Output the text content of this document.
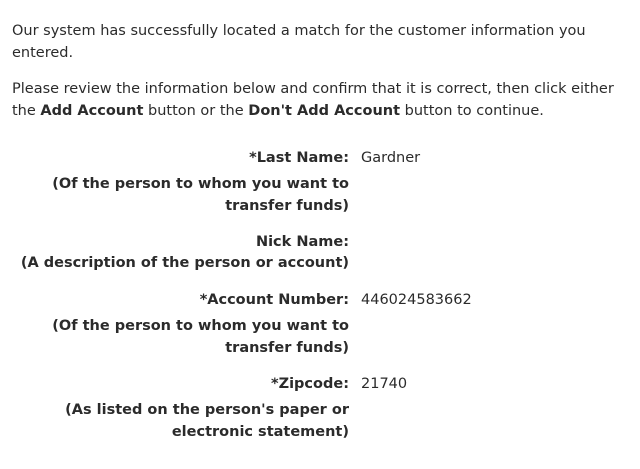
Our system has successfully located a match for the customer information you entered.

Please review the information below and confirm that it is correct, then click either the Add Account button or the Don't Add Account button to continue.

*Last Name: Gardner
(Of the person to whom you want to
transfer funds)
Nick Name:
(A description of the person or account)
*Account Number: 446024583662
(Of the person to whom you want to
transfer funds)
*Zipcode: 21740
(As listed on the person's paper or
electronic statement)
